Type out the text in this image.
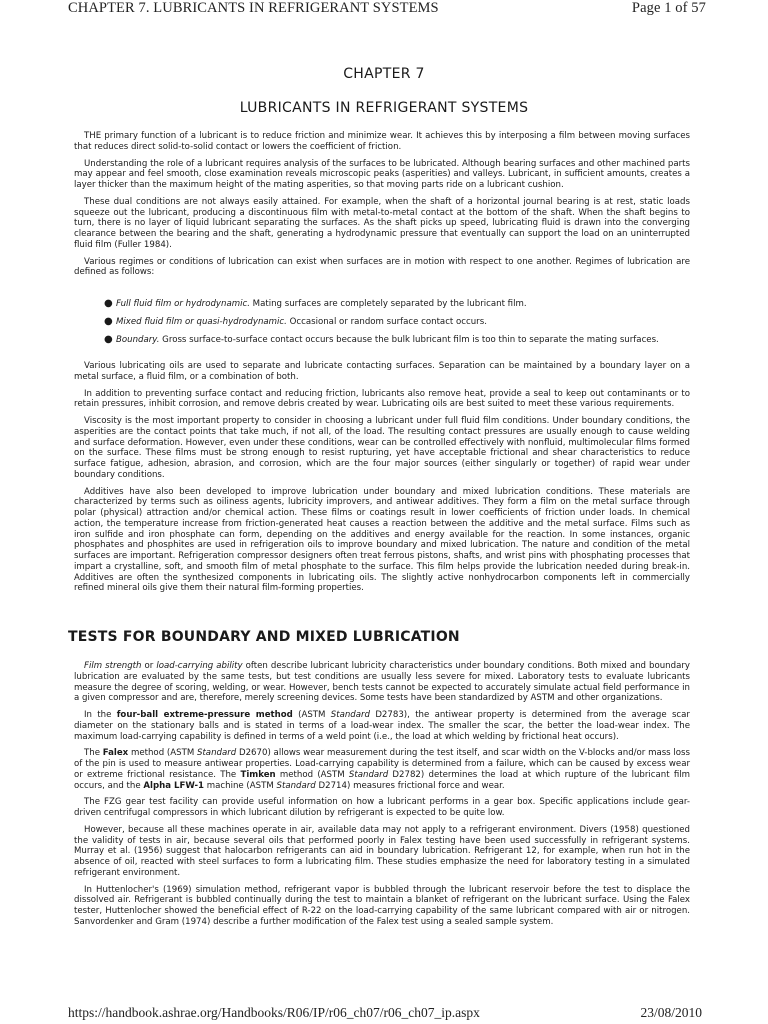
CHAPTER 7. LUBRICANTS IN REFRIGERANT SYSTEMS	Page 1 of 57
CHAPTER 7
LUBRICANTS IN REFRIGERANT SYSTEMS

THE primary function of a lubricant is to reduce friction and minimize wear. It achieves this by interposing a film between moving surfaces that reduces direct solid-to-solid contact or lowers the coefficient of friction.

Understanding the role of a lubricant requires analysis of the surfaces to be lubricated. Although bearing surfaces and other machined parts may appear and feel smooth, close examination reveals microscopic peaks (asperities) and valleys. Lubricant, in sufficient amounts, creates a layer thicker than the maximum height of the mating asperities, so that moving parts ride on a lubricant cushion.

These dual conditions are not always easily attained. For example, when the shaft of a horizontal journal bearing is at rest, static loads squeeze out the lubricant, producing a discontinuous film with metal-to-metal contact at the bottom of the shaft. When the shaft begins to turn, there is no layer of liquid lubricant separating the surfaces. As the shaft picks up speed, lubricating fluid is drawn into the converging clearance between the bearing and the shaft, generating a hydrodynamic pressure that eventually can support the load on an uninterrupted fluid film (Fuller 1984).

Various regimes or conditions of lubrication can exist when surfaces are in motion with respect to one another. Regimes of lubrication are defined as follows:

● Full fluid film or hydrodynamic. Mating surfaces are completely separated by the lubricant film.
● Mixed fluid film or quasi-hydrodynamic. Occasional or random surface contact occurs.
● Boundary. Gross surface-to-surface contact occurs because the bulk lubricant film is too thin to separate the mating surfaces.

Various lubricating oils are used to separate and lubricate contacting surfaces. Separation can be maintained by a boundary layer on a metal surface, a fluid film, or a combination of both.

In addition to preventing surface contact and reducing friction, lubricants also remove heat, provide a seal to keep out contaminants or to retain pressures, inhibit corrosion, and remove debris created by wear. Lubricating oils are best suited to meet these various requirements.

Viscosity is the most important property to consider in choosing a lubricant under full fluid film conditions. Under boundary conditions, the asperities are the contact points that take much, if not all, of the load. The resulting contact pressures are usually enough to cause welding and surface deformation. However, even under these conditions, wear can be controlled effectively with nonfluid, multimolecular films formed on the surface. These films must be strong enough to resist rupturing, yet have acceptable frictional and shear characteristics to reduce surface fatigue, adhesion, abrasion, and corrosion, which are the four major sources (either singularly or together) of rapid wear under boundary conditions.

Additives have also been developed to improve lubrication under boundary and mixed lubrication conditions. These materials are characterized by terms such as oiliness agents, lubricity improvers, and antiwear additives. They form a film on the metal surface through polar (physical) attraction and/or chemical action. These films or coatings result in lower coefficients of friction under loads. In chemical action, the temperature increase from friction-generated heat causes a reaction between the additive and the metal surface. Films such as iron sulfide and iron phosphate can form, depending on the additives and energy available for the reaction. In some instances, organic phosphates and phosphites are used in refrigeration oils to improve boundary and mixed lubrication. The nature and condition of the metal surfaces are important. Refrigeration compressor designers often treat ferrous pistons, shafts, and wrist pins with phosphating processes that impart a crystalline, soft, and smooth film of metal phosphate to the surface. This film helps provide the lubrication needed during break-in. Additives are often the synthesized components in lubricating oils. The slightly active nonhydrocarbon components left in commercially refined mineral oils give them their natural film-forming properties.

TESTS FOR BOUNDARY AND MIXED LUBRICATION

Film strength or load-carrying ability often describe lubricant lubricity characteristics under boundary conditions. Both mixed and boundary lubrication are evaluated by the same tests, but test conditions are usually less severe for mixed. Laboratory tests to evaluate lubricants measure the degree of scoring, welding, or wear. However, bench tests cannot be expected to accurately simulate actual field performance in a given compressor and are, therefore, merely screening devices. Some tests have been standardized by ASTM and other organizations.

In the four-ball extreme-pressure method (ASTM Standard D2783), the antiwear property is determined from the average scar diameter on the stationary balls and is stated in terms of a load-wear index. The smaller the scar, the better the load-wear index. The maximum load-carrying capability is defined in terms of a weld point (i.e., the load at which welding by frictional heat occurs).

The Falex method (ASTM Standard D2670) allows wear measurement during the test itself, and scar width on the V-blocks and/or mass loss of the pin is used to measure antiwear properties. Load-carrying capability is determined from a failure, which can be caused by excess wear or extreme frictional resistance. The Timken method (ASTM Standard D2782) determines the load at which rupture of the lubricant film occurs, and the Alpha LFW-1 machine (ASTM Standard D2714) measures frictional force and wear.

The FZG gear test facility can provide useful information on how a lubricant performs in a gear box. Specific applications include gear-driven centrifugal compressors in which lubricant dilution by refrigerant is expected to be quite low.

However, because all these machines operate in air, available data may not apply to a refrigerant environment. Divers (1958) questioned the validity of tests in air, because several oils that performed poorly in Falex testing have been used successfully in refrigerant systems. Murray et al. (1956) suggest that halocarbon refrigerants can aid in boundary lubrication. Refrigerant 12, for example, when run hot in the absence of oil, reacted with steel surfaces to form a lubricating film. These studies emphasize the need for laboratory testing in a simulated refrigerant environment.

In Huttenlocher's (1969) simulation method, refrigerant vapor is bubbled through the lubricant reservoir before the test to displace the dissolved air. Refrigerant is bubbled continually during the test to maintain a blanket of refrigerant on the lubricant surface. Using the Falex tester, Huttenlocher showed the beneficial effect of R-22 on the load-carrying capability of the same lubricant compared with air or nitrogen. Sanvordenker and Gram (1974) describe a further modification of the Falex test using a sealed sample system.

https://handbook.ashrae.org/Handbooks/R06/IP/r06_ch07/r06_ch07_ip.aspx	23/08/2010
